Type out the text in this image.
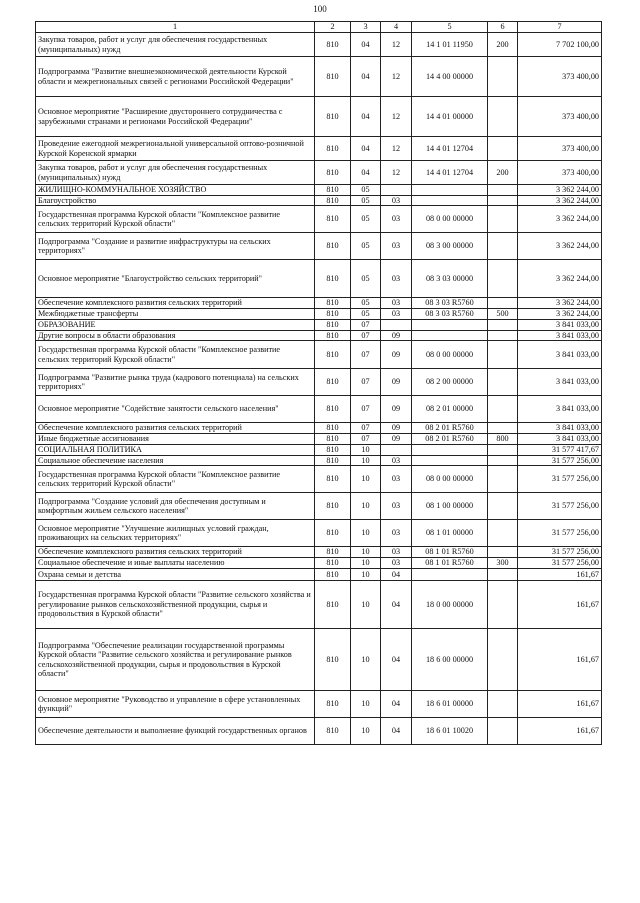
100
1	2	3	4	5	6	7
Закупка товаров, работ и услуг для обеспечения государственных (муниципальных) нужд	810	04	12	14 1 01 11950	200	7 702 100,00
Подпрограмма "Развитие внешнеэкономической деятельности Курской области и межрегиональных связей с регионами Российской Федерации"	810	04	12	14 4 00 00000		373 400,00
Основное мероприятие "Расширение двустороннего сотрудничества с зарубежными странами и регионами Российской Федерации"	810	04	12	14 4 01 00000		373 400,00
Проведение ежегодной межрегиональной универсальной оптово-розничной Курской Коренской ярмарки	810	04	12	14 4 01 12704		373 400,00
Закупка товаров, работ и услуг для обеспечения государственных (муниципальных) нужд	810	04	12	14 4 01 12704	200	373 400,00
ЖИЛИЩНО-КОММУНАЛЬНОЕ ХОЗЯЙСТВО	810	05				3 362 244,00
Благоустройство	810	05	03			3 362 244,00
Государственная программа Курской области "Комплексное развитие сельских территорий Курской области"	810	05	03	08 0 00 00000		3 362 244,00
Подпрограмма "Создание и развитие инфраструктуры на сельских территориях"	810	05	03	08 3 00 00000		3 362 244,00
Основное мероприятие "Благоустройство сельских территорий"	810	05	03	08 3 03 00000		3 362 244,00
Обеспечение комплексного развития сельских территорий	810	05	03	08 3 03 R5760		3 362 244,00
Межбюджетные трансферты	810	05	03	08 3 03 R5760	500	3 362 244,00
ОБРАЗОВАНИЕ	810	07				3 841 033,00
Другие вопросы в области образования	810	07	09			3 841 033,00
Государственная программа Курской области "Комплексное развитие сельских территорий Курской области"	810	07	09	08 0 00 00000		3 841 033,00
Подпрограмма "Развитие рынка труда (кадрового потенциала) на сельских территориях"	810	07	09	08 2 00 00000		3 841 033,00
Основное мероприятие "Содействие занятости сельского населения"	810	07	09	08 2 01 00000		3 841 033,00
Обеспечение комплексного развития сельских территорий	810	07	09	08 2 01 R5760		3 841 033,00
Иные бюджетные ассигнования	810	07	09	08 2 01 R5760	800	3 841 033,00
СОЦИАЛЬНАЯ ПОЛИТИКА	810	10				31 577 417,67
Социальное обеспечение населения	810	10	03			31 577 256,00
Государственная программа Курской области "Комплексное развитие сельских территорий Курской области"	810	10	03	08 0 00 00000		31 577 256,00
Подпрограмма "Создание условий для обеспечения доступным и комфортным жильем сельского населения"	810	10	03	08 1 00 00000		31 577 256,00
Основное мероприятие "Улучшение жилищных условий граждан, проживающих на сельских территориях"	810	10	03	08 1 01 00000		31 577 256,00
Обеспечение комплексного развития сельских территорий	810	10	03	08 1 01 R5760		31 577 256,00
Социальное обеспечение и иные выплаты населению	810	10	03	08 1 01 R5760	300	31 577 256,00
Охрана семьи и детства	810	10	04			161,67
Государственная программа Курской области "Развитие сельского хозяйства и регулирование рынков сельскохозяйственной продукции, сырья и продовольствия в Курской области"	810	10	04	18 0 00 00000		161,67
Подпрограмма "Обеспечение реализации государственной программы Курской области "Развитие сельского хозяйства и регулирование рынков сельскохозяйственной продукции, сырья и продовольствия в Курской области"	810	10	04	18 6 00 00000		161,67
Основное мероприятие "Руководство и управление в сфере установленных функций"	810	10	04	18 6 01 00000		161,67
Обеспечение деятельности и выполнение функций государственных органов	810	10	04	18 6 01 10020		161,67
